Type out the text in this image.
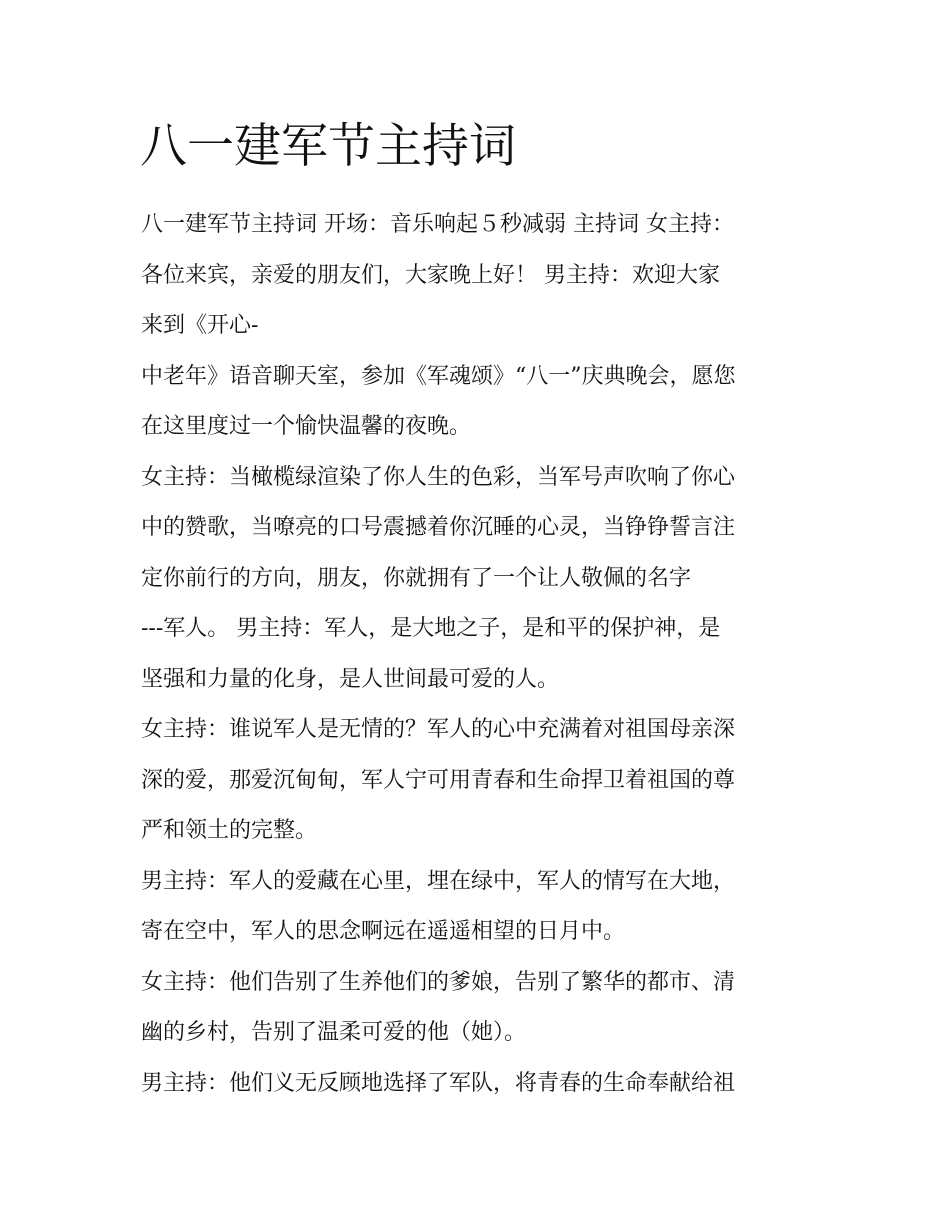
八一建军节主持词
八一建军节主持词 开场：音乐响起５秒减弱 主持词 女主持：
各位来宾，亲爱的朋友们，大家晚上好！ 男主持：欢迎大家
来到《开心-
中老年》语音聊天室，参加《军魂颂》“八一”庆典晚会，愿您
在这里度过一个愉快温馨的夜晚。
女主持：当橄榄绿渲染了你人生的色彩，当军号声吹响了你心
中的赞歌，当嘹亮的口号震撼着你沉睡的心灵，当铮铮誓言注
定你前行的方向，朋友，你就拥有了一个让人敬佩的名字
---军人。 男主持：军人，是大地之子，是和平的保护神，是
坚强和力量的化身，是人世间最可爱的人。
女主持：谁说军人是无情的？军人的心中充满着对祖国母亲深
深的爱，那爱沉甸甸，军人宁可用青春和生命捍卫着祖国的尊
严和领土的完整。
男主持：军人的爱藏在心里，埋在绿中，军人的情写在大地，
寄在空中，军人的思念啊远在遥遥相望的日月中。
女主持：他们告别了生养他们的爹娘，告别了繁华的都市、清
幽的乡村，告别了温柔可爱的他（她）。
男主持：他们义无反顾地选择了军队，将青春的生命奉献给祖
